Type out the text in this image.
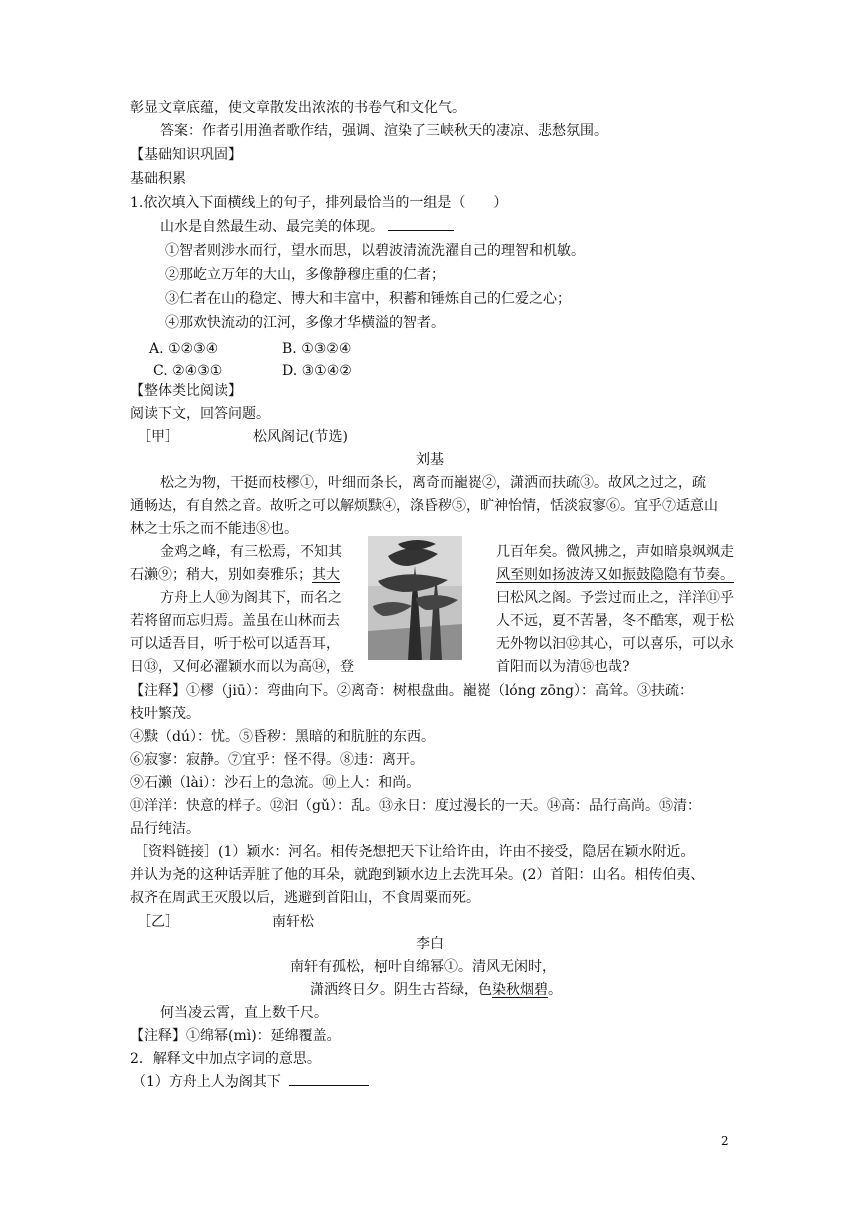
彰显文章底蕴，使文章散发出浓浓的书卷气和文化气。
答案：作者引用渔者歌作结，强调、渲染了三峡秋天的凄凉、悲愁氛围。
【基础知识巩固】
基础积累
1.依次填入下面横线上的句子，排列最恰当的一组是（　　）
山水是自然最生动、最完美的体现。
①智者则涉水而行，望水而思，以碧波清流洗濯自己的理智和机敏。
②那屹立万年的大山，多像静穆庄重的仁者；
③仁者在山的稳定、博大和丰富中，积蓄和锤炼自己的仁爱之心；
④那欢快流动的江河，多像才华横溢的智者。
A. ①②③④	B. ①③②④
C. ②④③①	D. ③①④②
【整体类比阅读】
阅读下文，回答问题。
［甲］	松风阁记(节选)
刘基
松之为物，干挺而枝樛①，叶细而条长，离奇而巃嵸②，潇洒而扶疏③。故风之过之，疏
通畅达，有自然之音。故听之可以解烦黩④，涤昏秽⑤，旷神怡情，恬淡寂寥⑥。宜乎⑦适意山
林之士乐之而不能违⑧也。
金鸡之峰，有三松焉，不知其	几百年矣。微风拂之，声如暗泉飒飒走
石濑⑨；稍大，别如奏雅乐；其大	风至则如扬波涛又如振鼓隐隐有节奏。
方舟上人⑩为阁其下，而名之	曰松风之阁。予尝过而止之，洋洋⑪乎
若将留而忘归焉。盖虽在山林而去	人不远，夏不苦暑，冬不酷寒，观于松
可以适吾目，听于松可以适吾耳，	无外物以汩⑫其心，可以喜乐，可以永
日⑬，又何必濯颖水而以为高⑭，登	首阳而以为清⑮也哉?
【注释】①樛（jiū）：弯曲向下。②离奇：树根盘曲。巃嵸（lóng zōng）：高耸。③扶疏：
枝叶繁茂。
④黩（dú）：忧。⑤昏秽：黑暗的和肮脏的东西。
⑥寂寥：寂静。⑦宜乎：怪不得。⑧违：离开。
⑨石濑（lài）：沙石上的急流。⑩上人：和尚。
⑪洋洋：快意的样子。⑫汩（gǔ）：乱。⑬永日：度过漫长的一天。⑭高：品行高尚。⑮清：
品行纯洁。
［资料链接］(1）颖水：河名。相传尧想把天下让给许由，许由不接受，隐居在颖水附近。
并认为尧的这种话弄脏了他的耳朵，就跑到颖水边上去洗耳朵。(2）首阳：山名。相传伯夷、
叔齐在周武王灭殷以后，逃避到首阳山，不食周粟而死。
［乙］	南轩松
李白
南轩有孤松，柯叶自绵幂①。清风无闲时，
潇洒终日夕。阴生古苔绿，色染秋烟碧。
何当凌云霄，直上数千尺。
【注释】①绵幂(mì)：延绵覆盖。
2．解释文中加点字词的意思。
（1）方舟上人为阁其下
2
